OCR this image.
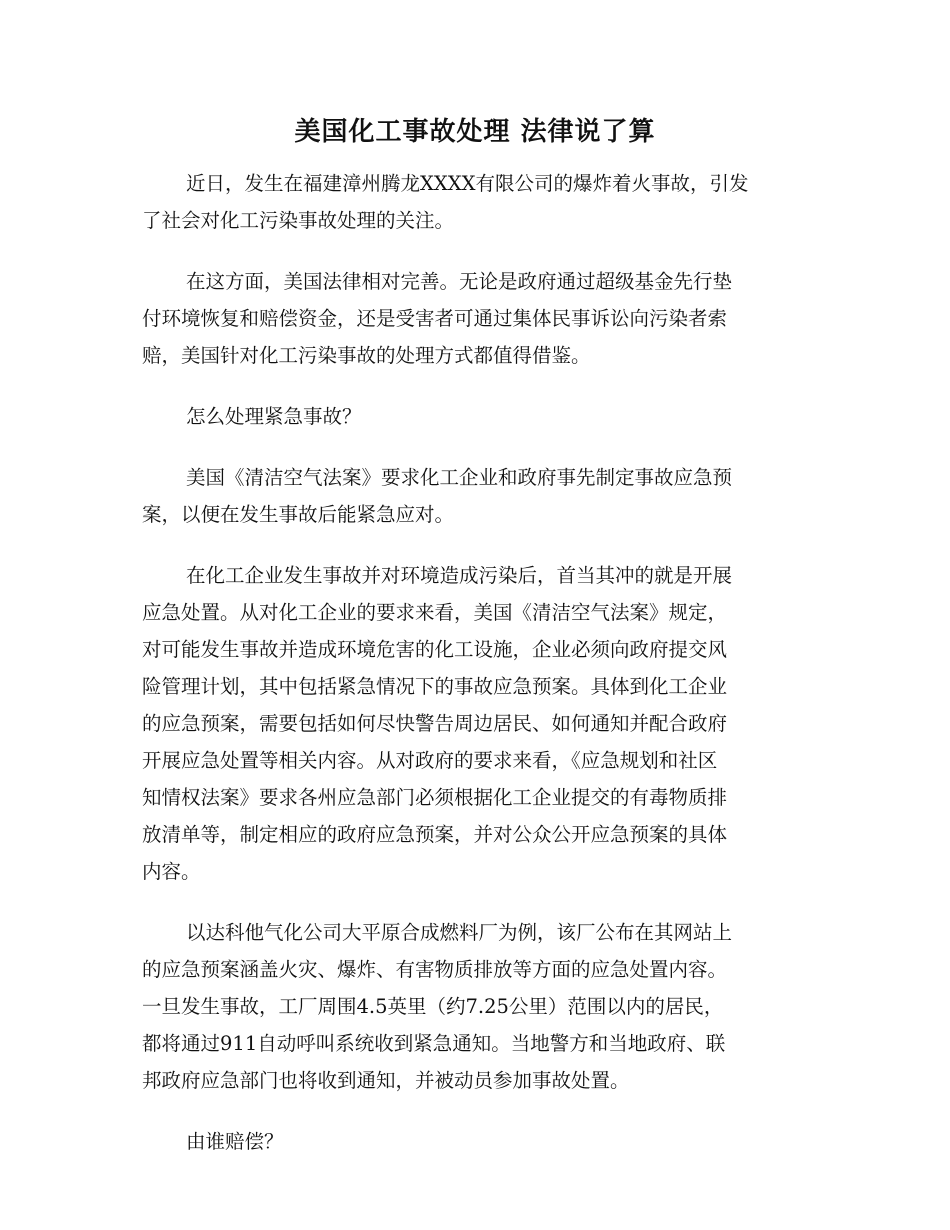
美国化工事故处理 法律说了算
近日，发生在福建漳州腾龙XXXX有限公司的爆炸着火事故，引发
了社会对化工污染事故处理的关注。
在这方面，美国法律相对完善。无论是政府通过超级基金先行垫
付环境恢复和赔偿资金，还是受害者可通过集体民事诉讼向污染者索
赔，美国针对化工污染事故的处理方式都值得借鉴。
怎么处理紧急事故？
美国《清洁空气法案》要求化工企业和政府事先制定事故应急预
案，以便在发生事故后能紧急应对。
在化工企业发生事故并对环境造成污染后，首当其冲的就是开展
应急处置。从对化工企业的要求来看，美国《清洁空气法案》规定，
对可能发生事故并造成环境危害的化工设施，企业必须向政府提交风
险管理计划，其中包括紧急情况下的事故应急预案。具体到化工企业
的应急预案，需要包括如何尽快警告周边居民、如何通知并配合政府
开展应急处置等相关内容。从对政府的要求来看，《应急规划和社区
知情权法案》要求各州应急部门必须根据化工企业提交的有毒物质排
放清单等，制定相应的政府应急预案，并对公众公开应急预案的具体
内容。
以达科他气化公司大平原合成燃料厂为例，该厂公布在其网站上
的应急预案涵盖火灾、爆炸、有害物质排放等方面的应急处置内容。
一旦发生事故，工厂周围4.5英里（约7.25公里）范围以内的居民，
都将通过911自动呼叫系统收到紧急通知。当地警方和当地政府、联
邦政府应急部门也将收到通知，并被动员参加事故处置。
由谁赔偿？
